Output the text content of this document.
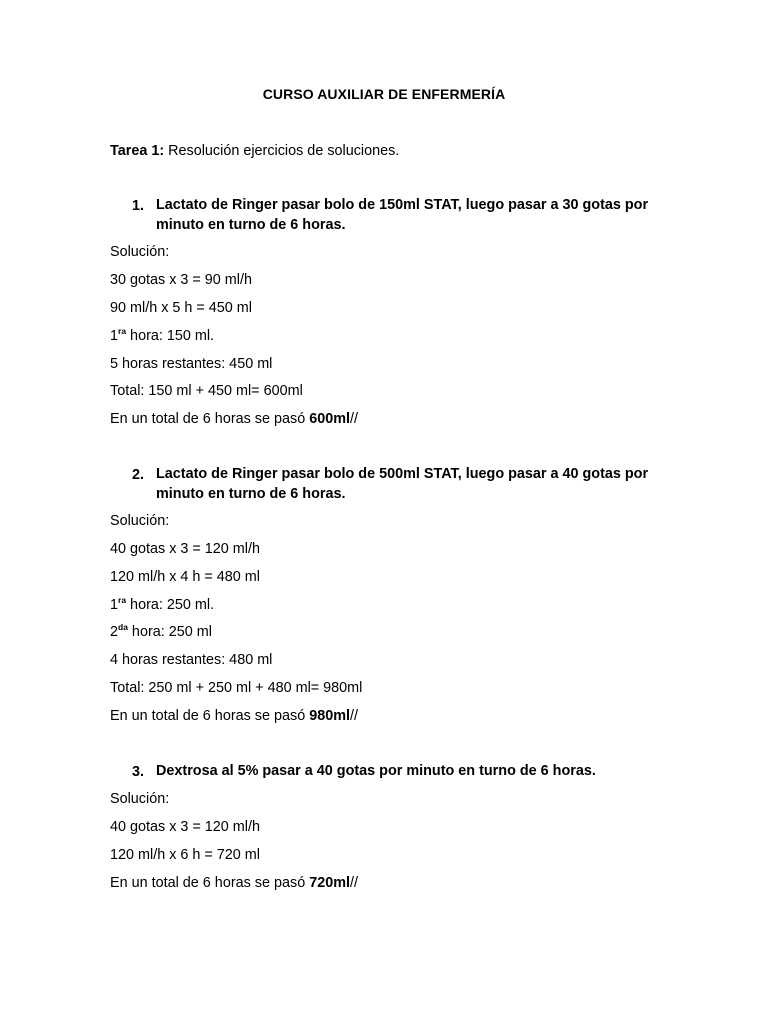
CURSO AUXILIAR DE ENFERMERÍA
Tarea 1: Resolución ejercicios de soluciones.
1. Lactato de Ringer pasar bolo de 150ml STAT, luego pasar a 30 gotas por minuto en turno de 6 horas.
Solución:
30 gotas x 3 = 90 ml/h
90 ml/h x 5 h = 450 ml
$1^{ra}$ hora: 150 ml.
5 horas restantes: 450 ml
Total: 150 ml + 450 ml= 600ml
En un total de 6 horas se pasó 600ml//
2. Lactato de Ringer pasar bolo de 500ml STAT, luego pasar a 40 gotas por minuto en turno de 6 horas.
Solución:
40 gotas x 3 = 120 ml/h
120 ml/h x 4 h = 480 ml
$1^{ra}$ hora: 250 ml.
$2^{da}$ hora: 250 ml
4 horas restantes: 480 ml
Total: 250 ml + 250 ml + 480 ml= 980ml
En un total de 6 horas se pasó 980ml//
3. Dextrosa al 5% pasar a 40 gotas por minuto en turno de 6 horas.
Solución:
40 gotas x 3 = 120 ml/h
120 ml/h x 6 h = 720 ml
En un total de 6 horas se pasó 720ml//
